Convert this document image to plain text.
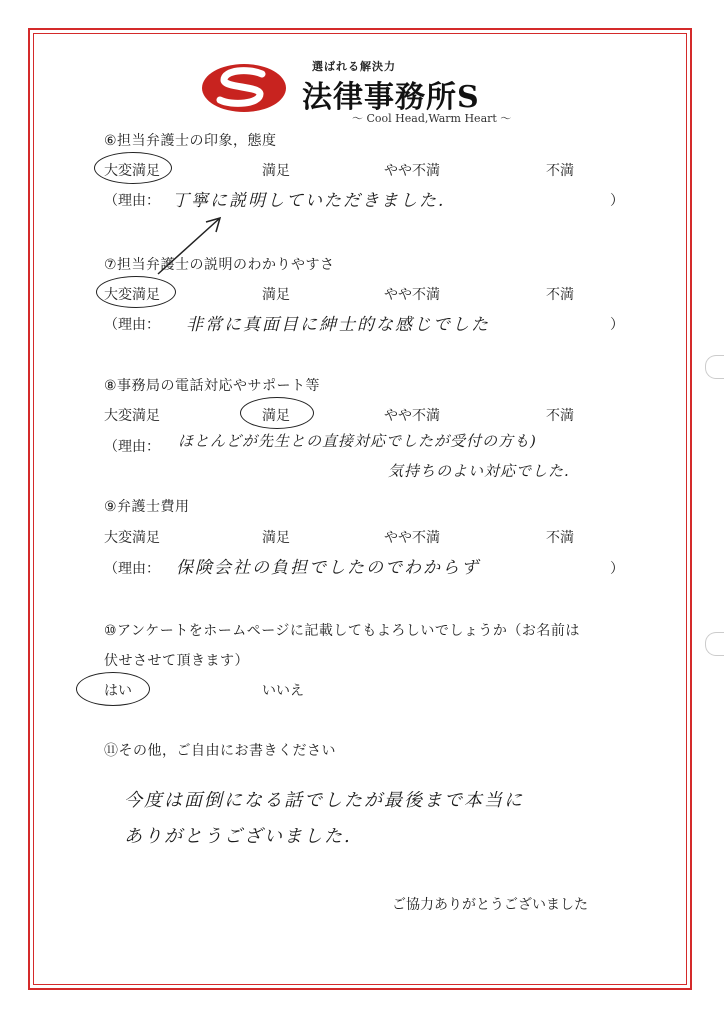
選ばれる解決力
法律事務所S
～ Cool Head,Warm Heart ～
⑥担当弁護士の印象，態度
大変満足	満足	やや不満	不満
（理由： 丁寧に説明していただきました.	）
⑦担当弁護士の説明のわかりやすさ
大変満足	満足	やや不満	不満
（理由： 非常に真面目に紳士的な感じでした	）
⑧事務局の電話対応やサポート等
大変満足	満足	やや不満	不満
（理由： ほとんどが先生との直接対応でしたが受付の方も)
気持ちのよい対応でした.
⑨弁護士費用
大変満足	満足	やや不満	不満
（理由： 保険会社の負担でしたのでわからず	）
⑩アンケートをホームページに記載してもよろしいでしょうか（お名前は
伏せさせて頂きます）
はい	いいえ
⑪その他，ご自由にお書きください
今度は面倒になる話でしたが最後まで本当に
ありがとうございました.
ご協力ありがとうございました
